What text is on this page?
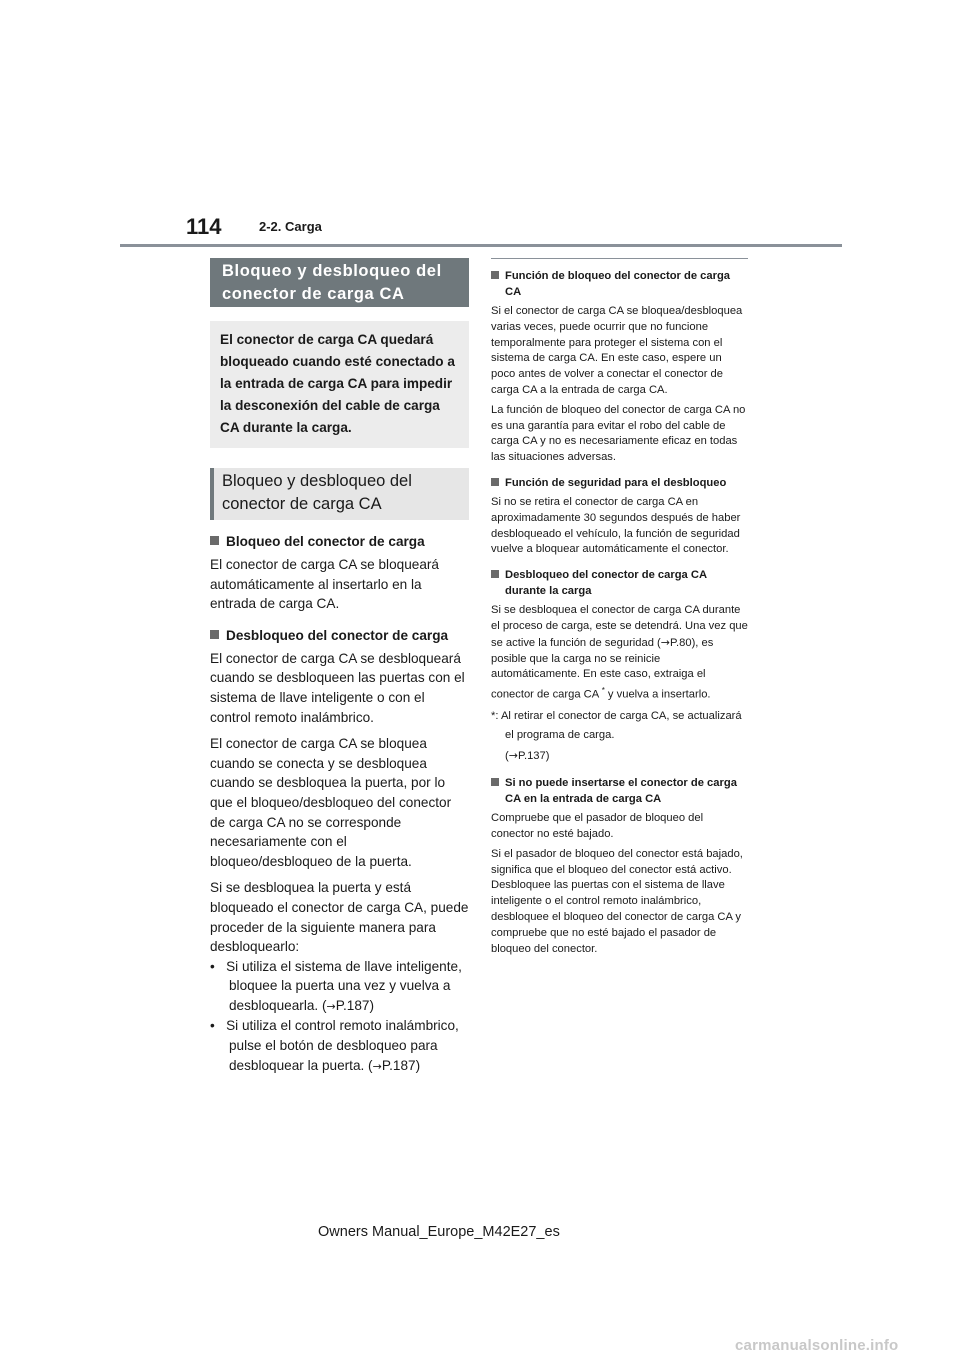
114	2-2. Carga
Bloqueo y desbloqueo del conector de carga CA
El conector de carga CA quedará bloqueado cuando esté conectado a la entrada de carga CA para impedir la desconexión del cable de carga CA durante la carga.
Bloqueo y desbloqueo del conector de carga CA
Bloqueo del conector de carga

El conector de carga CA se bloqueará automáticamente al insertarlo en la entrada de carga CA.

Desbloqueo del conector de carga

El conector de carga CA se desbloqueará cuando se desbloqueen las puertas con el sistema de llave inteligente o con el control remoto inalámbrico.

El conector de carga CA se bloquea cuando se conecta y se desbloquea cuando se desbloquea la puerta, por lo que el bloqueo/desbloqueo del conector de carga CA no se corresponde necesariamente con el bloqueo/desbloqueo de la puerta.

Si se desbloquea la puerta y está bloqueado el conector de carga CA, puede proceder de la siguiente manera para desbloquearlo:

• Si utiliza el sistema de llave inteligente, bloquee la puerta una vez y vuelva a desbloquearla. (→P.187)
• Si utiliza el control remoto inalámbrico, pulse el botón de desbloqueo para desbloquear la puerta. (→P.187)
Función de bloqueo del conector de carga CA

Si el conector de carga CA se bloquea/desbloquea varias veces, puede ocurrir que no funcione temporalmente para proteger el sistema con el sistema de carga CA. En este caso, espere un poco antes de volver a conectar el conector de carga CA a la entrada de carga CA.

La función de bloqueo del conector de carga CA no es una garantía para evitar el robo del cable de carga CA y no es necesariamente eficaz en todas las situaciones adversas.

Función de seguridad para el desbloqueo

Si no se retira el conector de carga CA en aproximadamente 30 segundos después de haber desbloqueado el vehículo, la función de seguridad vuelve a bloquear automáticamente el conector.

Desbloqueo del conector de carga CA durante la carga

Si se desbloquea el conector de carga CA durante el proceso de carga, este se detendrá. Una vez que se active la función de seguridad (→P.80), es posible que la carga no se reinicie automáticamente. En este caso, extraiga el conector de carga CA * y vuelva a insertarlo.

*: Al retirar el conector de carga CA, se actualizará el programa de carga.
(→P.137)
Si no puede insertarse el conector de carga CA en la entrada de carga CA

Compruebe que el pasador de bloqueo del conector no esté bajado.

Si el pasador de bloqueo del conector está bajado, significa que el bloqueo del conector está activo. Desbloquee las puertas con el sistema de llave inteligente o el control remoto inalámbrico, desbloquee el bloqueo del conector de carga CA y compruebe que no esté bajado el pasador de bloqueo del conector.

Owners Manual_Europe_M42E27_es
carmanualsonline.info
